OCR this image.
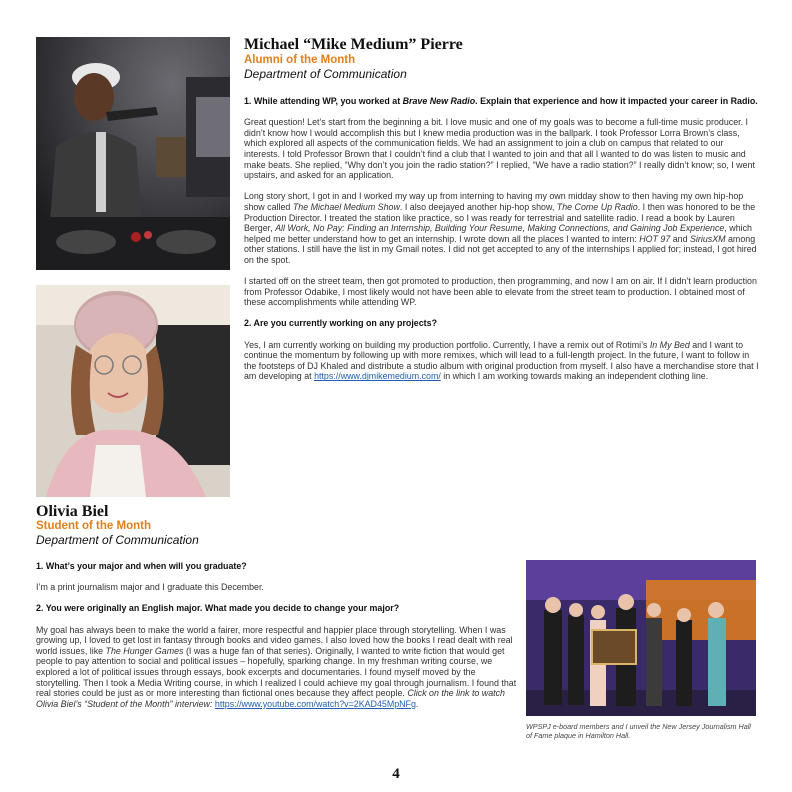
Michael “Mike Medium” Pierre
Alumni of the Month
Department of Communication

1. While attending WP, you worked at Brave New Radio. Explain that experience and how it impacted your career in Radio.

Great question! Let’s start from the beginning a bit. I love music and one of my goals was to become a full-time music producer. I didn’t know how I would accomplish this but I knew media production was in the ballpark. I took Professor Lorra Brown’s class, which explored all aspects of the communication fields. We had an assignment to join a club on campus that related to our interests. I told Professor Brown that I couldn’t find a club that I wanted to join and that all I wanted to do was listen to music and make beats. She replied, “Why don’t you join the radio station?” I replied, “We have a radio station?” I really didn’t know; so, I went upstairs, and asked for an application.

Long story short, I got in and I worked my way up from interning to having my own midday show to then having my own hip-hop show called The Michael Medium Show. I also deejayed another hip-hop show, The Come Up Radio. I then was honored to be the Production Director. I treated the station like practice, so I was ready for terrestrial and satellite radio. I read a book by Lauren Berger, All Work, No Pay: Finding an Internship, Building Your Resume, Making Connections, and Gaining Job Experience, which helped me better understand how to get an internship. I wrote down all the places I wanted to intern: HOT 97 and SiriusXM among other stations. I still have the list in my Gmail notes. I did not get accepted to any of the internships I applied for; instead, I got hired on the spot.

I started off on the street team, then got promoted to production, then programming, and now I am on air. If I didn’t learn production from Professor Odabike, I most likely would not have been able to elevate from the street team to production. I obtained most of these accomplishments while attending WP.

2. Are you currently working on any projects?

Yes, I am currently working on building my production portfolio. Currently, I have a remix out of Rotimi’s In My Bed and I want to continue the momentum by following up with more remixes, which will lead to a full-length project. In the future, I want to follow in the footsteps of DJ Khaled and distribute a studio album with original production from myself. I also have a merchandise store that I am developing at https://www.djmikemedium.com/ in which I am working towards making an independent clothing line.

Olivia Biel
Student of the Month
Department of Communication

1. What’s your major and when will you graduate?

I’m a print journalism major and I graduate this December.

2. You were originally an English major. What made you decide to change your major?

My goal has always been to make the world a fairer, more respectful and happier place through storytelling. When I was growing up, I loved to get lost in fantasy through books and video games. I also loved how the books I read dealt with real world issues, like The Hunger Games (I was a huge fan of that series). Originally, I wanted to write fiction that would get people to pay attention to social and political issues – hopefully, sparking change. In my freshman writing course, we explored a lot of political issues through essays, book excerpts and documentaries. I found myself moved by the storytelling. Then I took a Media Writing course, in which I realized I could achieve my goal through journalism. I found that real stories could be just as or more interesting than fictional ones because they affect people. Click on the link to watch Olivia Biel’s “Student of the Month” interview: https://www.youtube.com/watch?v=2KAD45MpNFg.

WPSPJ e-board members and I unveil the New Jersey Journalism Hall of Fame plaque in Hamilton Hall.
4
